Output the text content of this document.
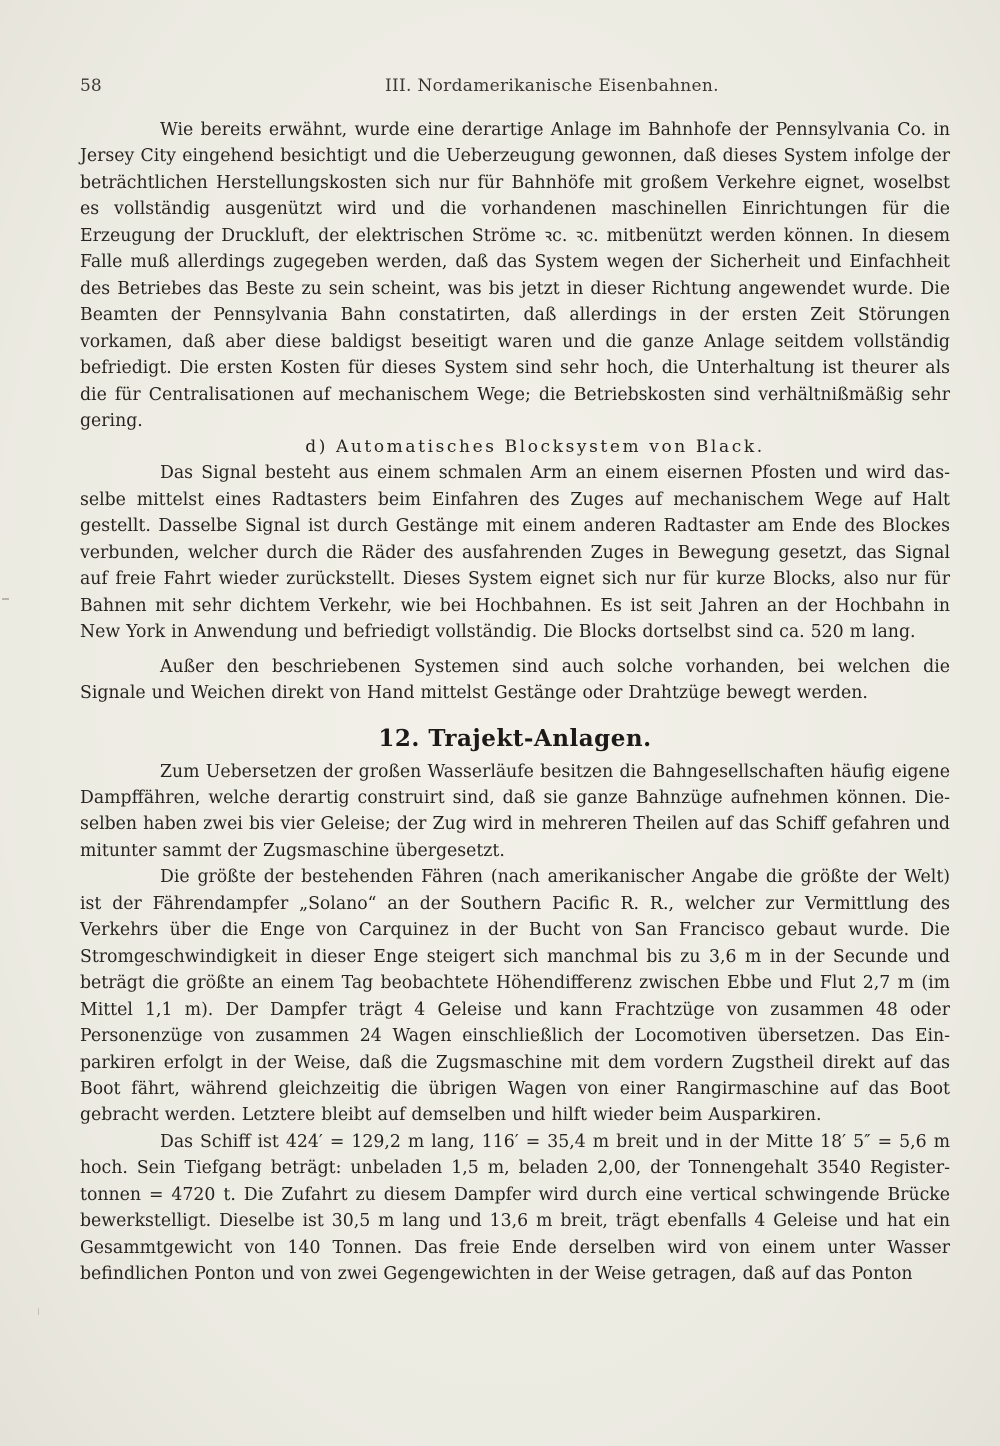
58	III. Nordamerikanische Eisenbahnen.

Wie bereits erwähnt, wurde eine derartige Anlage im Bahnhofe der Pennsylvania Co. in Jersey City eingehend besichtigt und die Ueberzeugung gewonnen, daß dieses System infolge der beträchtlichen Herstellungskosten sich nur für Bahnhöfe mit großem Verkehre eignet, woselbst es vollständig ausgenützt wird und die vorhandenen maschinellen Einrichtungen für die Erzeugung der Druckluft, der elektrischen Ströme ꝛc. ꝛc. mitbenützt werden können. In diesem Falle muß allerdings zugegeben werden, daß das System wegen der Sicherheit und Einfachheit des Betriebes das Beste zu sein scheint, was bis jetzt in dieser Richtung angewendet wurde. Die Beamten der Pennsylvania Bahn constatirten, daß allerdings in der ersten Zeit Störungen vorkamen, daß aber diese baldigst beseitigt waren und die ganze Anlage seitdem vollständig befriedigt. Die ersten Kosten für dieses System sind sehr hoch, die Unterhaltung ist theurer als die für Centralisationen auf mechanischem Wege; die Betriebskosten sind verhältnißmäßig sehr gering.

d) Automatisches Blocksystem von Black.

Das Signal besteht aus einem schmalen Arm an einem eisernen Pfosten und wird dasselbe mittelst eines Radtasters beim Einfahren des Zuges auf mechanischem Wege auf Halt gestellt. Dasselbe Signal ist durch Gestänge mit einem anderen Radtaster am Ende des Blockes verbunden, welcher durch die Räder des ausfahrenden Zuges in Bewegung gesetzt, das Signal auf freie Fahrt wieder zurückstellt. Dieses System eignet sich nur für kurze Blocks, also nur für Bahnen mit sehr dichtem Verkehr, wie bei Hochbahnen. Es ist seit Jahren an der Hochbahn in New York in Anwendung und befriedigt vollständig. Die Blocks dortselbst sind ca. 520 m lang.

Außer den beschriebenen Systemen sind auch solche vorhanden, bei welchen die Signale und Weichen direkt von Hand mittelst Gestänge oder Drahtzüge bewegt werden.

12. Trajekt-Anlagen.

Zum Uebersetzen der großen Wasserläufe besitzen die Bahngesellschaften häufig eigene Dampffähren, welche derartig construirt sind, daß sie ganze Bahnzüge aufnehmen können. Dieselben haben zwei bis vier Geleise; der Zug wird in mehreren Theilen auf das Schiff gefahren und mitunter sammt der Zugsmaschine übergesetzt.

Die größte der bestehenden Fähren (nach amerikanischer Angabe die größte der Welt) ist der Fährendampfer „Solano“ an der Southern Pacific R. R., welcher zur Vermittlung des Verkehrs über die Enge von Carquinez in der Bucht von San Francisco gebaut wurde. Die Stromgeschwindigkeit in dieser Enge steigert sich manchmal bis zu 3,6 m in der Secunde und beträgt die größte an einem Tag beobachtete Höhendifferenz zwischen Ebbe und Flut 2,7 m (im Mittel 1,1 m). Der Dampfer trägt 4 Geleise und kann Frachtzüge von zusammen 48 oder Personenzüge von zusammen 24 Wagen einschließlich der Locomotiven übersetzen. Das Einparkiren erfolgt in der Weise, daß die Zugsmaschine mit dem vordern Zugstheil direkt auf das Boot fährt, während gleichzeitig die übrigen Wagen von einer Rangirmaschine auf das Boot gebracht werden. Letztere bleibt auf demselben und hilft wieder beim Ausparkiren.

Das Schiff ist 424′ = 129,2 m lang, 116′ = 35,4 m breit und in der Mitte 18′ 5″ = 5,6 m hoch. Sein Tiefgang beträgt: unbeladen 1,5 m, beladen 2,00, der Tonnengehalt 3540 Registertonnen = 4720 t. Die Zufahrt zu diesem Dampfer wird durch eine vertical schwingende Brücke bewerkstelligt. Dieselbe ist 30,5 m lang und 13,6 m breit, trägt ebenfalls 4 Geleise und hat ein Gesammtgewicht von 140 Tonnen. Das freie Ende derselben wird von einem unter Wasser befindlichen Ponton und von zwei Gegengewichten in der Weise getragen, daß auf das Ponton
